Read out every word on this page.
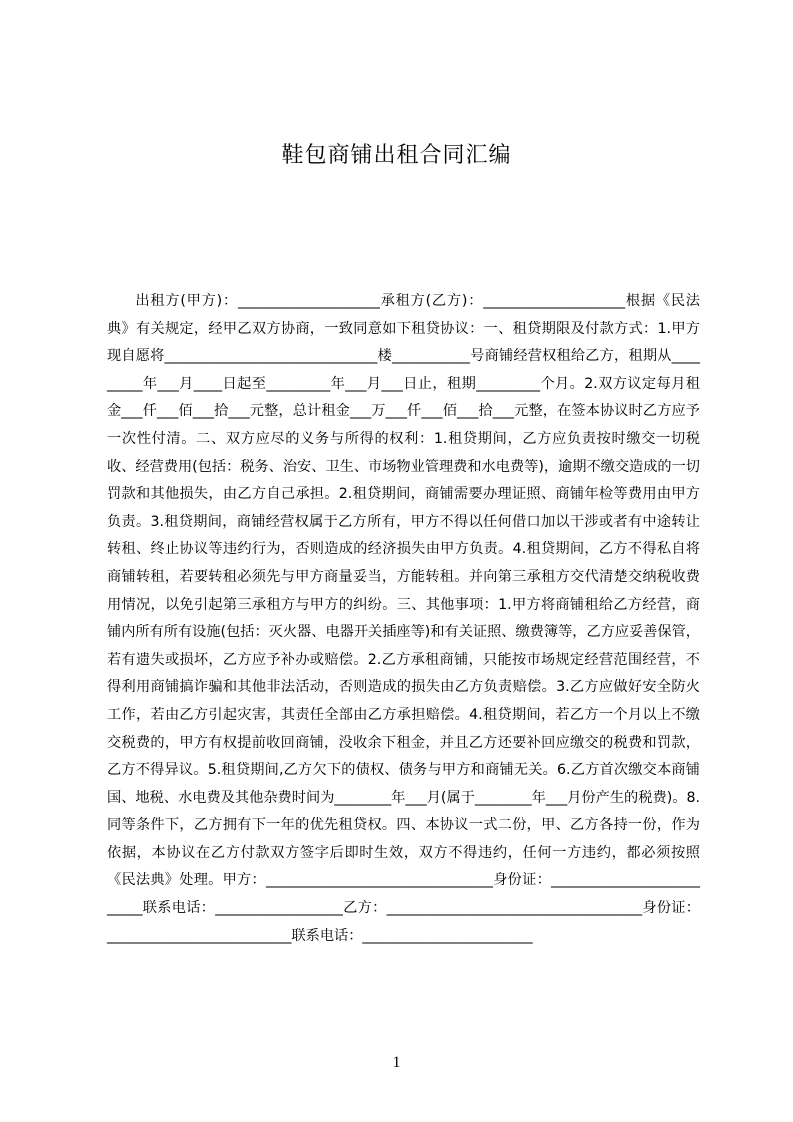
鞋包商铺出租合同汇编

出租方(甲方)：____________________承租方(乙方)：____________________根据《民法典》有关规定，经甲乙双方协商，一致同意如下租贷协议：一、租贷期限及付款方式：1.甲方现自愿将______________________________楼___________号商铺经营权租给乙方，租期从_________年___月____日起至_________年___月___日止，租期_________个月。2.双方议定每月租金___仟___佰___拾___元整，总计租金___万___仟___佰___拾___元整，在签本协议时乙方应予一次性付清。二、双方应尽的义务与所得的权利：1.租贷期间，乙方应负责按时缴交一切税收、经营费用(包括：税务、治安、卫生、市场物业管理费和水电费等)，逾期不缴交造成的一切罚款和其他损失，由乙方自己承担。2.租贷期间，商铺需要办理证照、商铺年检等费用由甲方负责。3.租贷期间，商铺经营权属于乙方所有，甲方不得以任何借口加以干涉或者有中途转让转租、终止协议等违约行为，否则造成的经济损失由甲方负责。4.租贷期间，乙方不得私自将商铺转租，若要转租必须先与甲方商量妥当，方能转租。并向第三承租方交代清楚交纳税收费用情况，以免引起第三承租方与甲方的纠纷。三、其他事项：1.甲方将商铺租给乙方经营，商铺内所有所有设施(包括：灭火器、电器开关插座等)和有关证照、缴费簿等，乙方应妥善保管，若有遗失或损坏，乙方应予补办或赔偿。2.乙方承租商铺，只能按市场规定经营范围经营，不得利用商铺搞诈骗和其他非法活动，否则造成的损失由乙方负责赔偿。3.乙方应做好安全防火工作，若由乙方引起灾害，其责任全部由乙方承担赔偿。4.租贷期间，若乙方一个月以上不缴交税费的，甲方有权提前收回商铺，没收余下租金，并且乙方还要补回应缴交的税费和罚款，乙方不得异议。5.租贷期间,乙方欠下的债权、债务与甲方和商铺无关。6.乙方首次缴交本商铺国、地税、水电费及其他杂费时间为________年___月(属于________年___月份产生的税费)。8.同等条件下，乙方拥有下一年的优先租贷权。四、本协议一式二份，甲、乙方各持一份，作为依据，本协议在乙方付款双方签字后即时生效，双方不得违约，任何一方违约，都必须按照《民法典》处理。甲方：________________________________身份证：__________________________联系电话：__________________乙方：____________________________________身份证：__________________________联系电话：________________________

1
